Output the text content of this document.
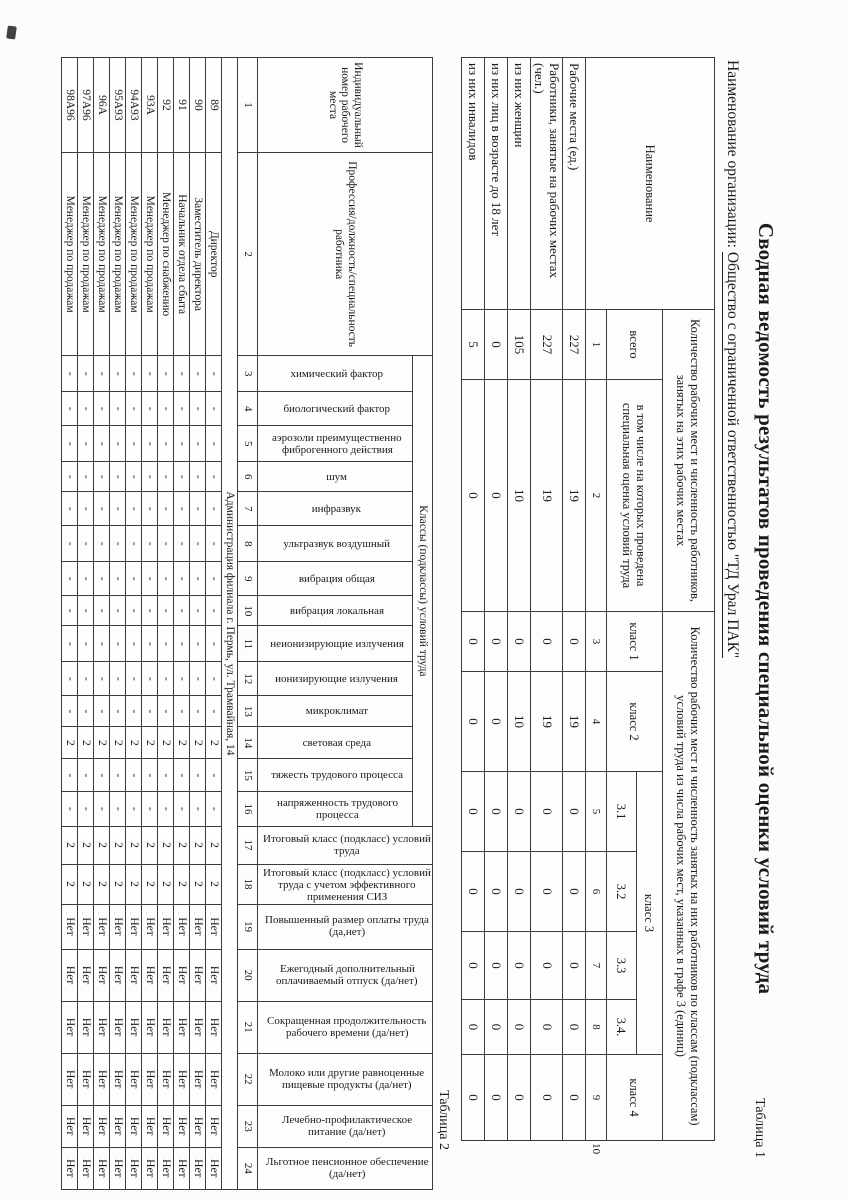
Сводная ведомость результатов проведения специальной оценки условий труда
Таблица 1
Наименование организации: Общество с ограниченной ответственностью "ТД Урал ПАК"
Наименование	Количество рабочих мест и численность работников, занятых на этих рабочих местах		Количество рабочих мест и численность занятых на них работников по классам (подклассам) условий труда из числа рабочих мест, указанных в графе 3 (единиц)							
	всего	в том числе на которых проведена специальная оценка условий труда	класс 1	класс 2	класс 3				класс 4	
					3.1	3.2	3.3	3.4.		
	1	2	3	4	5	6	7	8	9	10
Рабочие места (ед.)	227	19	0	19	0	0	0	0	0	
Работники, занятые на рабочих местах (чел.)	227	19	0	19	0	0	0	0	0	
из них женщин	105	10	0	10	0	0	0	0	0	
из них лиц в возрасте до 18 лет	0	0	0	0	0	0	0	0	0	
из них инвалидов	5	0	0	0	0	0	0	0	0	
Таблица 2
Индивидуальный номер рабочего места	Профессия/должность/специальность работника	Классы (подклассы) условий труда														Итоговый класс (подкласс) условий труда	Итоговый класс (подкласс) условий труда с учетом эффективного применения СИЗ	Повышенный размер оплаты труда (да,нет)	Ежегодный дополнительный оплачиваемый отпуск (да/нет)	Сокращенная продолжительность рабочего времени (да/нет)	Молоко или другие равноценные пищевые продукты (да/нет)	Лечебно-профилактическое питание (да/нет)	Льготное пенсионное обеспечение (да/нет)
		химический фактор	биологический фактор	аэрозоли преимущественно фиброгенного действия	шум	инфразвук	ультразвук воздушный	вибрация общая	вибрация локальная	неионизирующие излучения	ионизирующие излучения	микроклимат	световая среда	тяжесть трудового процесса	напряженность трудового процесса								
1	2	3	4	5	6	7	8	9	10	11	12	13	14	15	16	17	18	19	20	21	22	23	24
Администрация филиала г. Пермь, ул. Трамвайная, 14																							
89	Директор	-	-	-	-	-	-	-	-	-	-	-	2	-	-	2	2	Нет	Нет	Нет	Нет	Нет	Нет
90	Заместитель директора	-	-	-	-	-	-	-	-	-	-	-	2	-	-	2	2	Нет	Нет	Нет	Нет	Нет	Нет
91	Начальник отдела сбыта	-	-	-	-	-	-	-	-	-	-	-	2	-	-	2	2	Нет	Нет	Нет	Нет	Нет	Нет
92	Менеджер по снабжению	-	-	-	-	-	-	-	-	-	-	-	2	-	-	2	2	Нет	Нет	Нет	Нет	Нет	Нет
93А	Менеджер по продажам	-	-	-	-	-	-	-	-	-	-	-	2	-	-	2	2	Нет	Нет	Нет	Нет	Нет	Нет
94А93	Менеджер по продажам	-	-	-	-	-	-	-	-	-	-	-	2	-	-	2	2	Нет	Нет	Нет	Нет	Нет	Нет
95А93	Менеджер по продажам	-	-	-	-	-	-	-	-	-	-	-	2	-	-	2	2	Нет	Нет	Нет	Нет	Нет	Нет
96А	Менеджер по продажам	-	-	-	-	-	-	-	-	-	-	-	2	-	-	2	2	Нет	Нет	Нет	Нет	Нет	Нет
97А96	Менеджер по продажам	-	-	-	-	-	-	-	-	-	-	-	2	-	-	2	2	Нет	Нет	Нет	Нет	Нет	Нет
98А96	Менеджер по продажам	-	-	-	-	-	-	-	-	-	-	-	2	-	-	2	2	Нет	Нет	Нет	Нет	Нет	Нет
